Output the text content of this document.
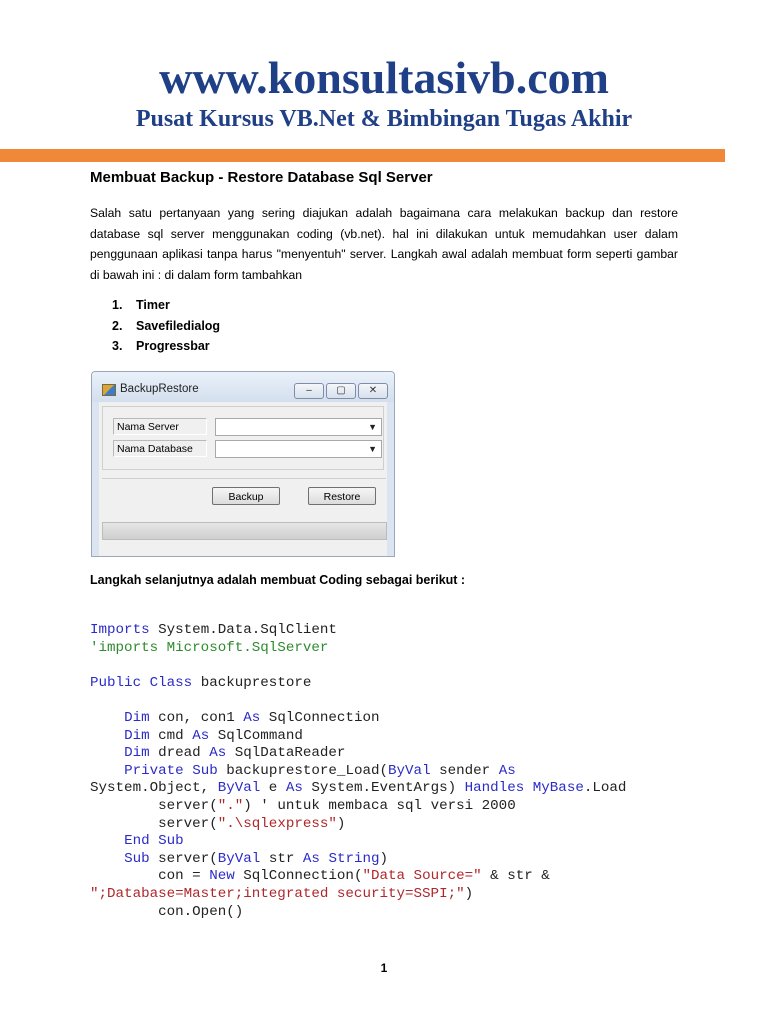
www.konsultasivb.com
Pusat Kursus VB.Net & Bimbingan Tugas Akhir
Membuat Backup - Restore Database Sql Server

Salah satu pertanyaan yang sering diajukan adalah bagaimana cara melakukan backup dan restore database sql server menggunakan coding (vb.net). hal ini dilakukan untuk memudahkan user dalam penggunaan aplikasi tanpa harus "menyentuh" server. Langkah awal adalah membuat form seperti gambar di bawah ini : di dalam form tambahkan

1. Timer
2. Savefiledialog
3. Progressbar
BackupRestore	‒	▢	✕
Nama Server	▼
Nama Database	▼
Backup	Restore
Langkah selanjutnya adalah membuat Coding sebagai berikut :
Imports System.Data.SqlClient
'imports Microsoft.SqlServer

Public Class backuprestore

Dim con, con1 As SqlConnection
Dim cmd As SqlCommand
Dim dread As SqlDataReader
Private Sub backuprestore_Load(ByVal sender As
System.Object, ByVal e As System.EventArgs) Handles MyBase.Load
server(".") ' untuk membaca sql versi 2000
server(".\sqlexpress")
End Sub
Sub server(ByVal str As String)
con = New SqlConnection("Data Source=" & str &
";Database=Master;integrated security=SSPI;")
con.Open()
1
